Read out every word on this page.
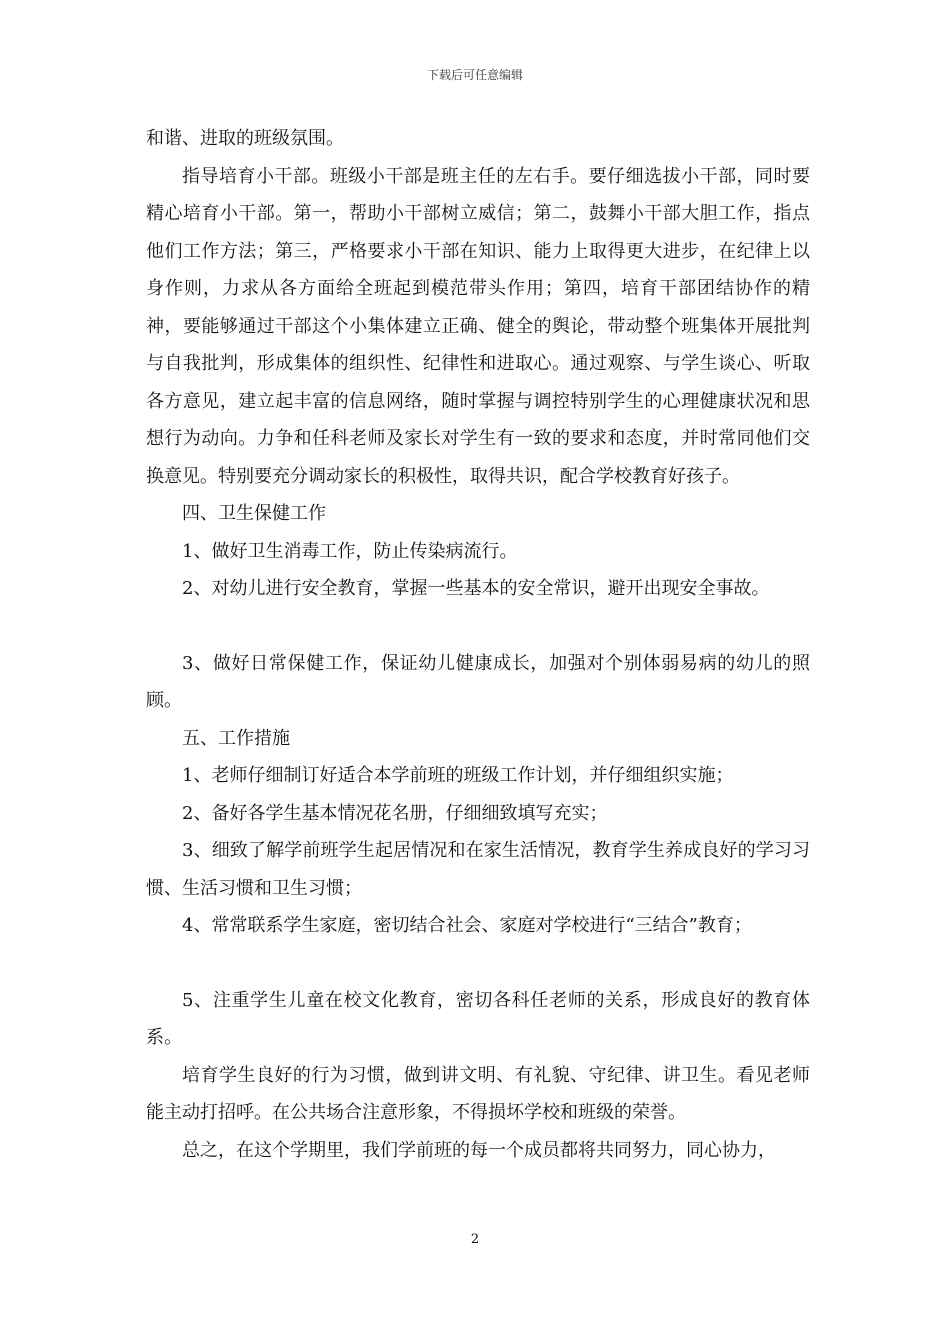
下载后可任意编辑

和谐、进取的班级氛围。

指导培育小干部。班级小干部是班主任的左右手。要仔细选拔小干部，同时要精心培育小干部。第一，帮助小干部树立威信；第二，鼓舞小干部大胆工作，指点他们工作方法；第三，严格要求小干部在知识、能力上取得更大进步，在纪律上以身作则，力求从各方面给全班起到模范带头作用；第四，培育干部团结协作的精神，要能够通过干部这个小集体建立正确、健全的舆论，带动整个班集体开展批判与自我批判，形成集体的组织性、纪律性和进取心。通过观察、与学生谈心、听取各方意见，建立起丰富的信息网络，随时掌握与调控特别学生的心理健康状况和思想行为动向。力争和任科老师及家长对学生有一致的要求和态度，并时常同他们交换意见。特别要充分调动家长的积极性，取得共识，配合学校教育好孩子。

四、卫生保健工作

1、做好卫生消毒工作，防止传染病流行。

2、对幼儿进行安全教育，掌握一些基本的安全常识，避开出现安全事故。

3、做好日常保健工作，保证幼儿健康成长，加强对个别体弱易病的幼儿的照顾。

五、工作措施

1、老师仔细制订好适合本学前班的班级工作计划，并仔细组织实施；

2、备好各学生基本情况花名册，仔细细致填写充实；

3、细致了解学前班学生起居情况和在家生活情况，教育学生养成良好的学习习惯、生活习惯和卫生习惯；

4、常常联系学生家庭，密切结合社会、家庭对学校进行“三结合”教育；

5、注重学生儿童在校文化教育，密切各科任老师的关系，形成良好的教育体系。

培育学生良好的行为习惯，做到讲文明、有礼貌、守纪律、讲卫生。看见老师能主动打招呼。在公共场合注意形象，不得损坏学校和班级的荣誉。

总之，在这个学期里，我们学前班的每一个成员都将共同努力，同心协力，

2
